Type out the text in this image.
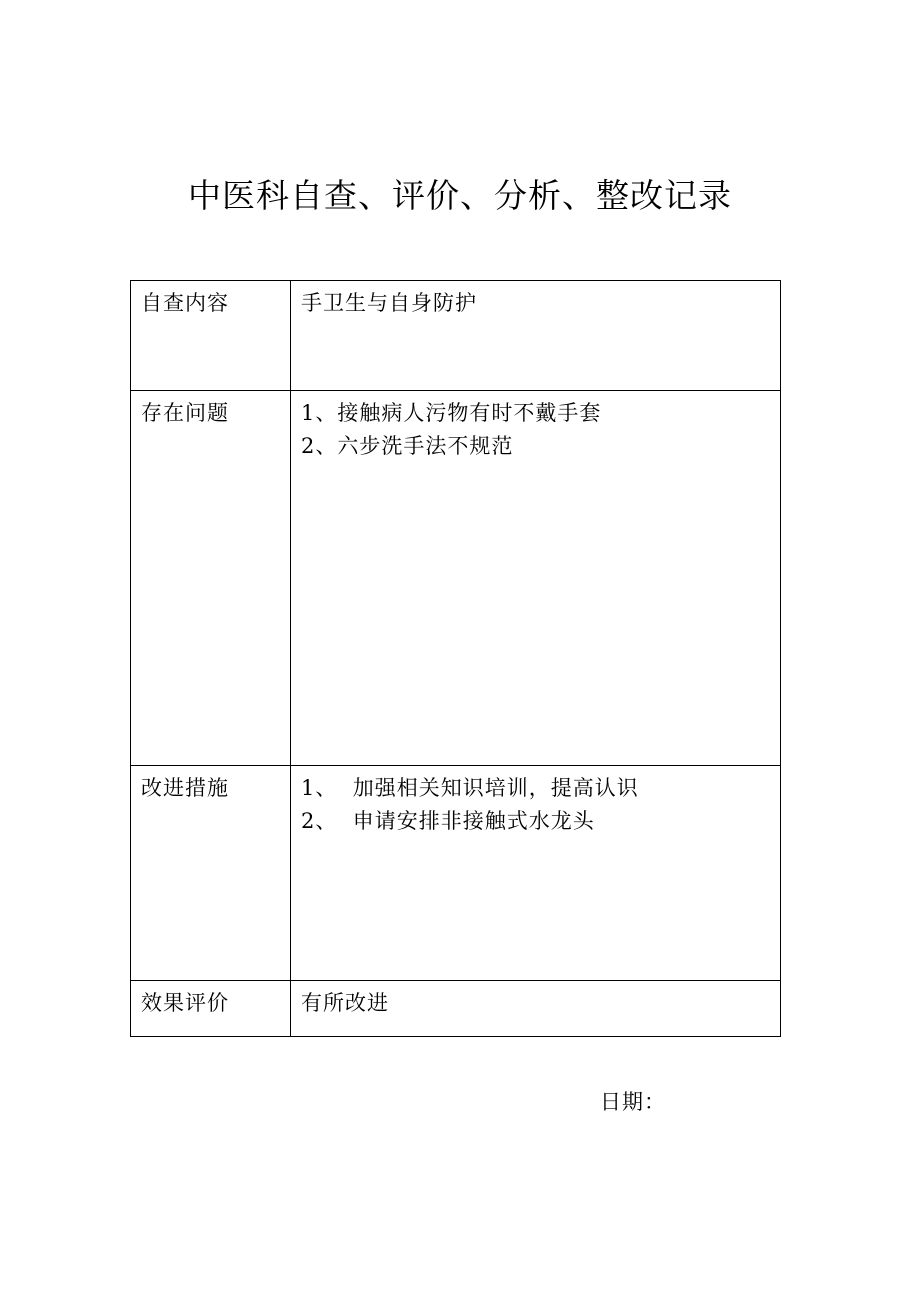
中医科自查、评价、分析、整改记录
自查内容	手卫生与自身防护

存在问题	1、接触病人污物有时不戴手套
2、六步洗手法不规范

改进措施	1、  加强相关知识培训，提高认识
2、  申请安排非接触式水龙头

效果评价	有所改进
日期：
